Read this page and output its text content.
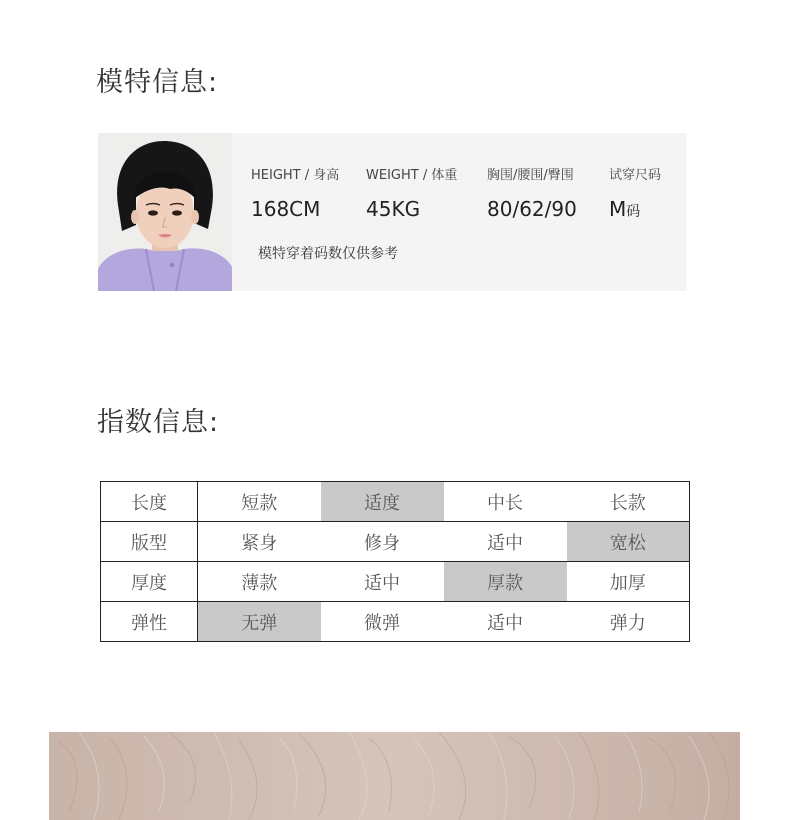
模特信息:
HEIGHT / 身高
168CM
WEIGHT / 体重
45KG
胸围/腰围/臀围
80/62/90
试穿尺码
M码
模特穿着码数仅供参考
指数信息:
长度	短款	适度	中长	长款
版型	紧身	修身	适中	宽松
厚度	薄款	适中	厚款	加厚
弹性	无弹	微弹	适中	弹力
